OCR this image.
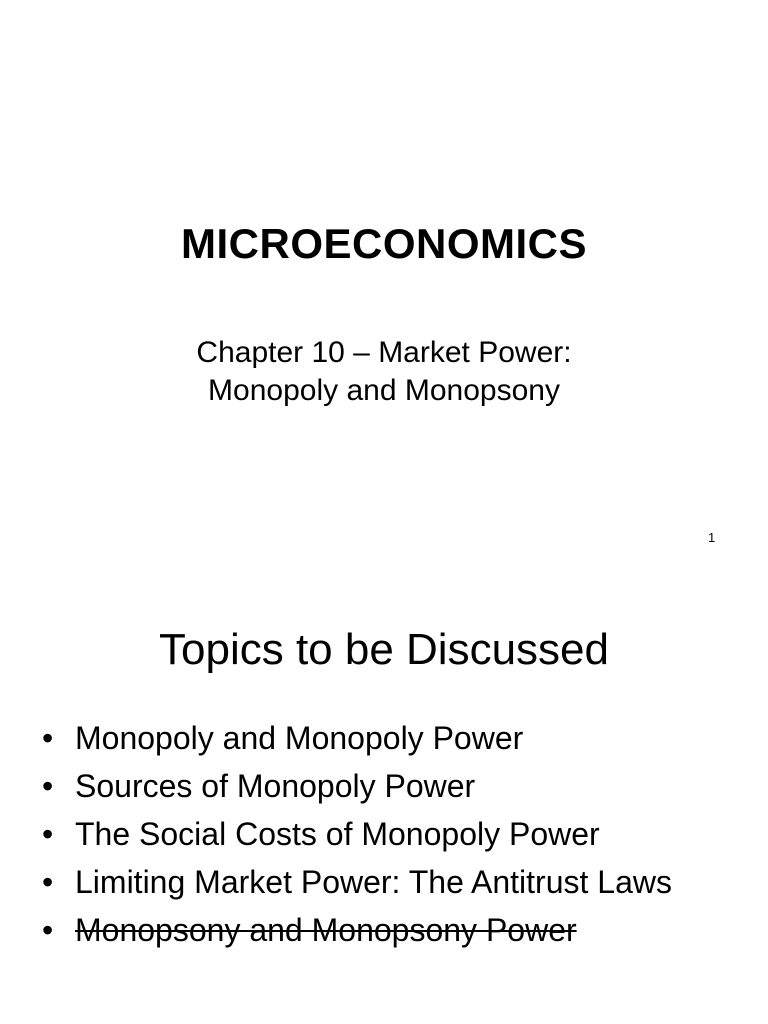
MICROECONOMICS
Chapter 10 – Market Power:
Monopoly and Monopsony
1
Topics to be Discussed
• Monopoly and Monopoly Power
• Sources of Monopoly Power
• The Social Costs of Monopoly Power
• Limiting Market Power: The Antitrust Laws
• Monopsony and Monopsony Power
